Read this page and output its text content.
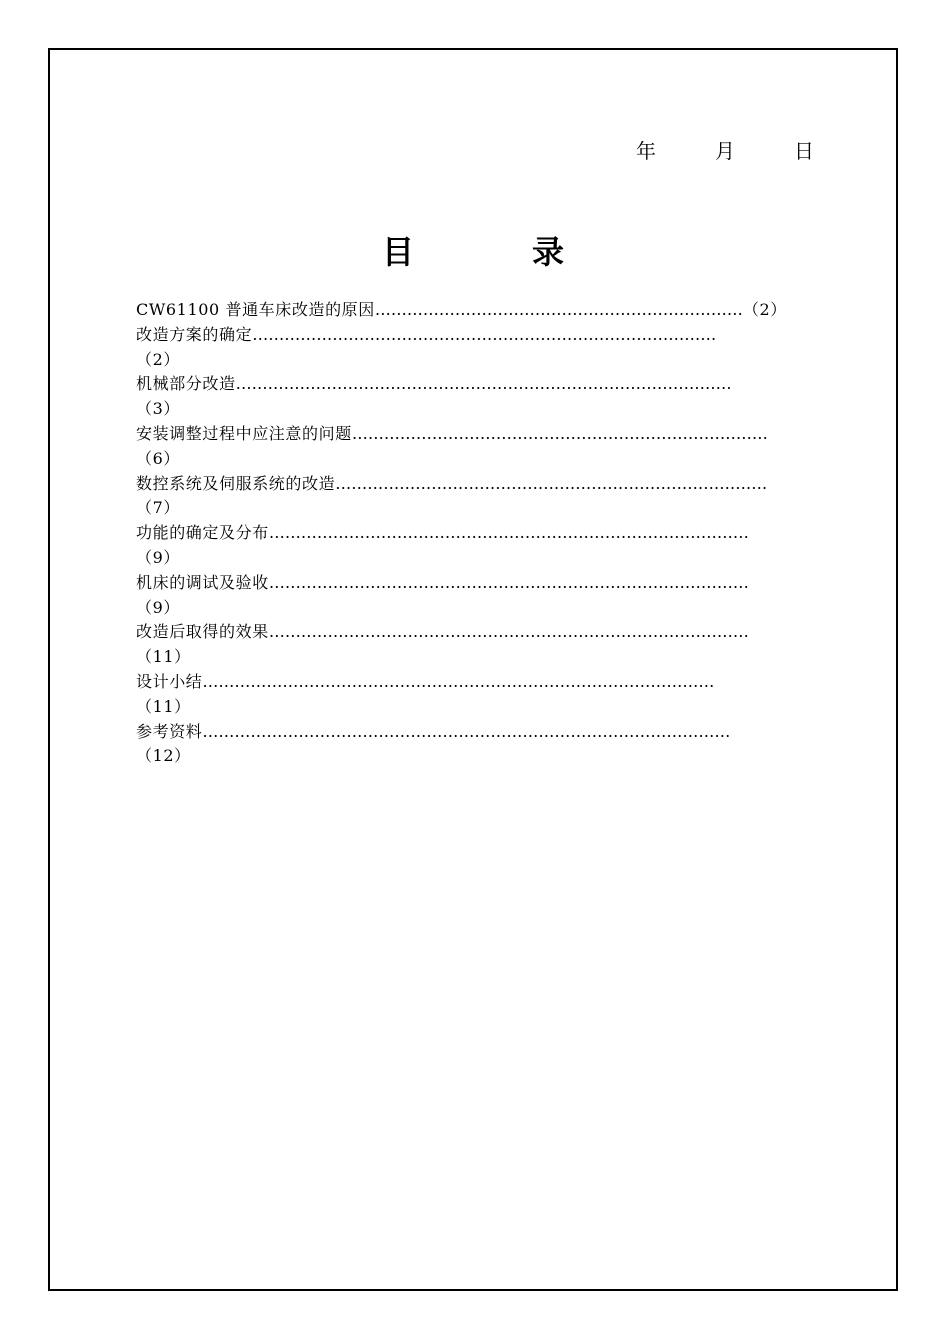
年	月	日
目	录
CW61100 普通车床改造的原因……………………………………………………………（2）
改造方案的确定……………………………………………………………………………
（2）
机械部分改造…………………………………………………………………………………
（3）
安装调整过程中应注意的问题……………………………………………………………………
（6）
数控系统及伺服系统的改造………………………………………………………………………
（7）
功能的确定及分布………………………………………………………………………………
（9）
机床的调试及验收………………………………………………………………………………
（9）
改造后取得的效果………………………………………………………………………………
（11）
设计小结……………………………………………………………………………………
（11）
参考资料………………………………………………………………………………………
（12）
